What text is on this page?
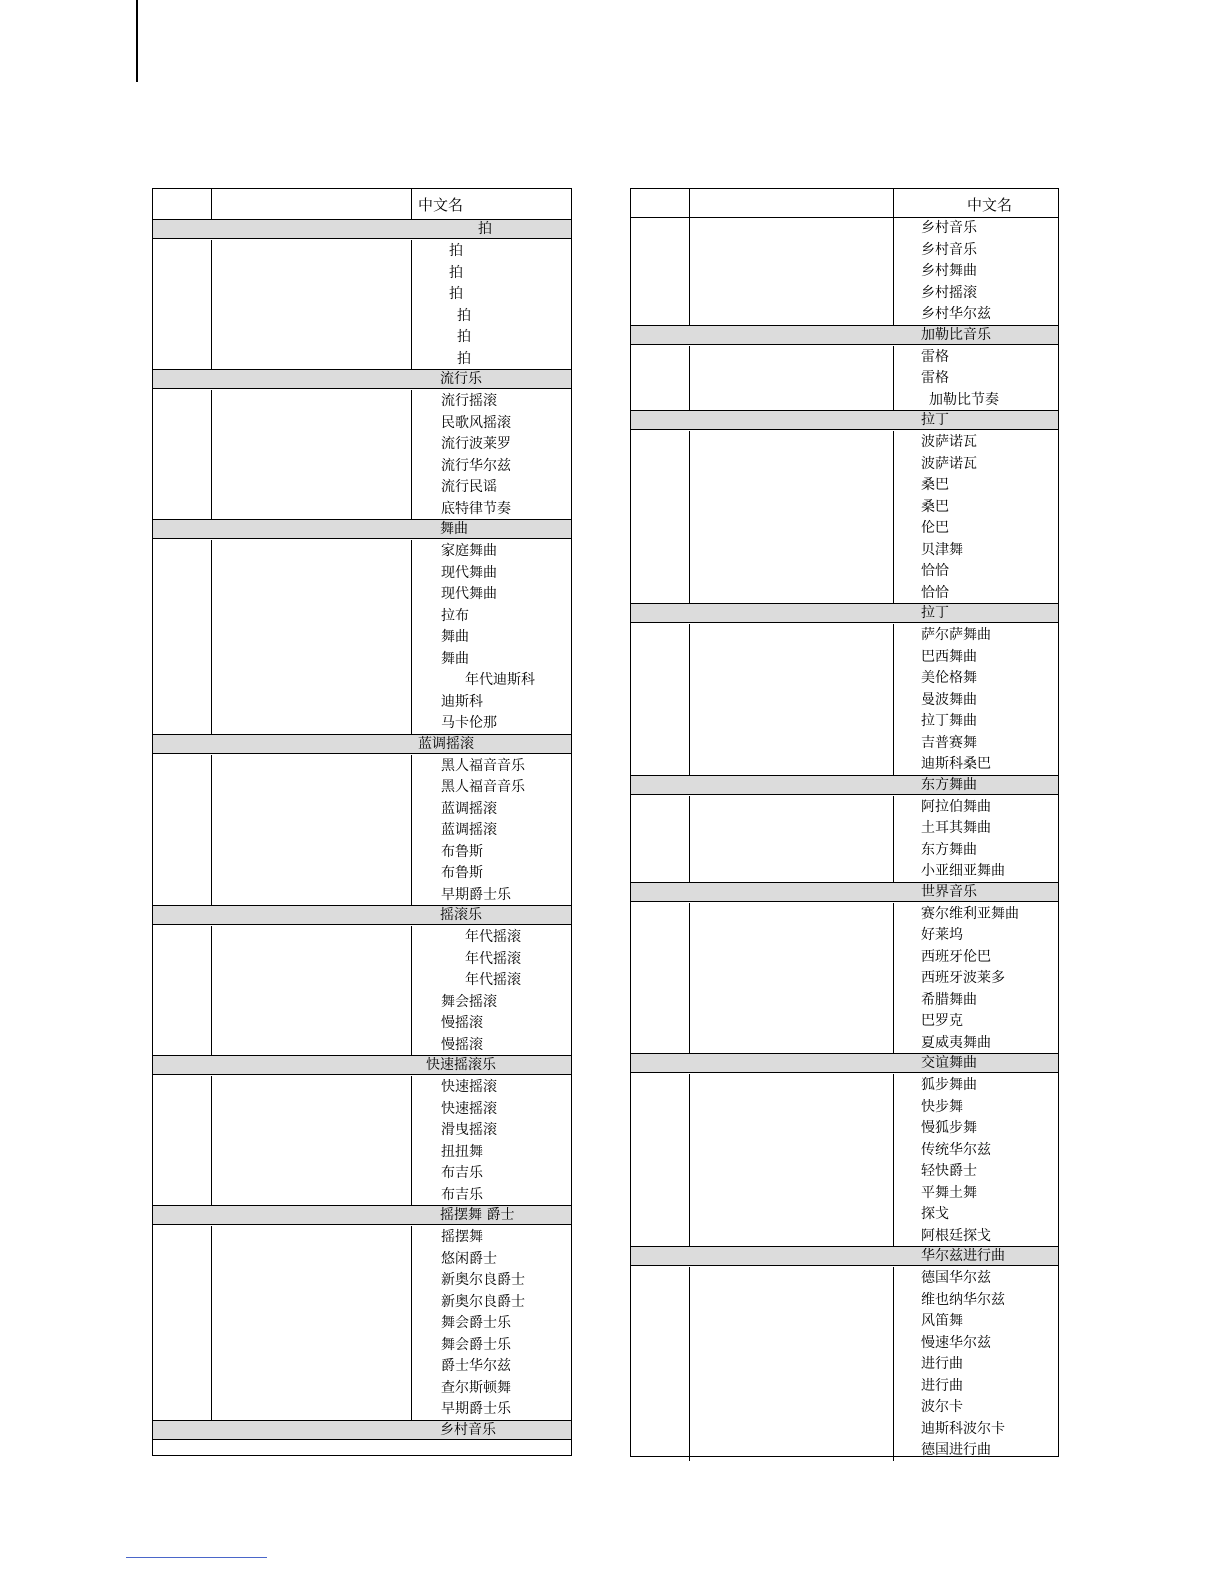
中文名
拍
拍
拍
拍
拍
拍
拍
流行乐
流行摇滚
民歌风摇滚
流行波莱罗
流行华尔兹
流行民谣
底特律节奏
舞曲
家庭舞曲
现代舞曲
现代舞曲
拉布
舞曲
舞曲
年代迪斯科
迪斯科
马卡伦那
蓝调摇滚
黑人福音音乐
黑人福音音乐
蓝调摇滚
蓝调摇滚
布鲁斯
布鲁斯
早期爵士乐
摇滚乐
年代摇滚
年代摇滚
年代摇滚
舞会摇滚
慢摇滚
慢摇滚
快速摇滚乐
快速摇滚
快速摇滚
滑曳摇滚
扭扭舞
布吉乐
布吉乐
摇摆舞 爵士
摇摆舞
悠闲爵士
新奥尔良爵士
新奥尔良爵士
舞会爵士乐
舞会爵士乐
爵士华尔兹
查尔斯顿舞
早期爵士乐
乡村音乐
中文名
乡村音乐
乡村音乐
乡村舞曲
乡村摇滚
乡村华尔兹
加勒比音乐
雷格
雷格
加勒比节奏
拉丁
波萨诺瓦
波萨诺瓦
桑巴
桑巴
伦巴
贝津舞
恰恰
恰恰
拉丁
萨尔萨舞曲
巴西舞曲
美伦格舞
曼波舞曲
拉丁舞曲
吉普赛舞
迪斯科桑巴
东方舞曲
阿拉伯舞曲
土耳其舞曲
东方舞曲
小亚细亚舞曲
世界音乐
赛尔维利亚舞曲
好莱坞
西班牙伦巴
西班牙波莱多
希腊舞曲
巴罗克
夏威夷舞曲
交谊舞曲
狐步舞曲
快步舞
慢狐步舞
传统华尔兹
轻快爵士
平舞土舞
探戈
阿根廷探戈
华尔兹进行曲
德国华尔兹
维也纳华尔兹
风笛舞
慢速华尔兹
进行曲
进行曲
波尔卡
迪斯科波尔卡
德国进行曲
